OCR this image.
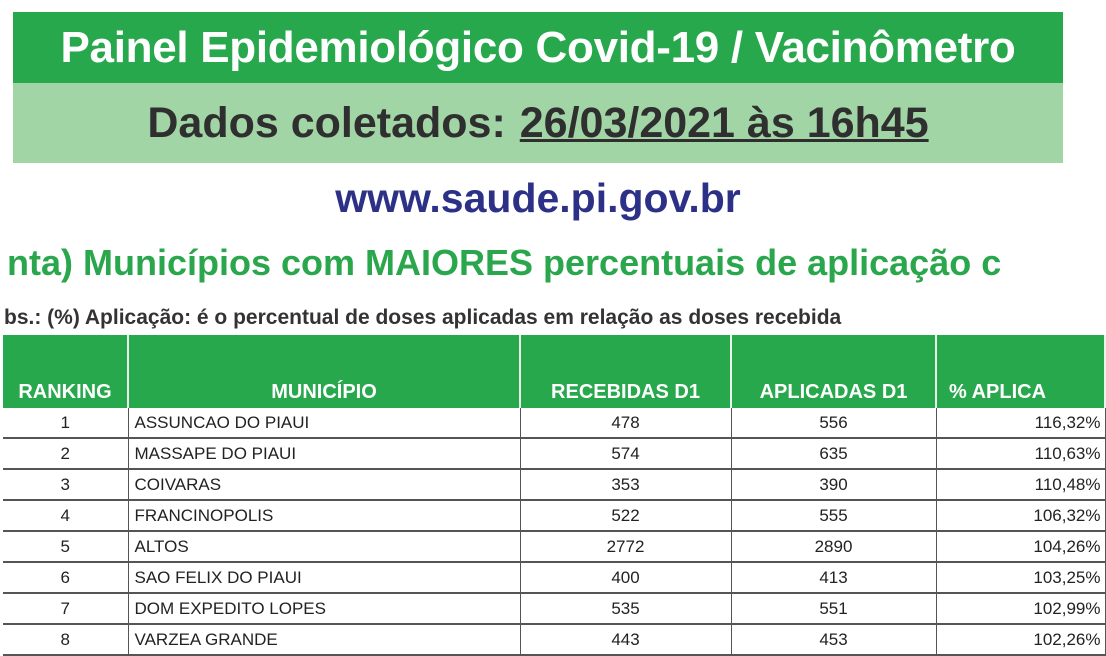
Painel Epidemiológico Covid-19 / Vacinômetro
Dados coletados: 26/03/2021 às 16h45
www.saude.pi.gov.br
nta) Municípios com MAIORES percentuais de aplicação c
bs.: (%) Aplicação: é o percentual de doses aplicadas em relação as doses recebida
RANKING	MUNICÍPIO	RECEBIDAS D1	APLICADAS D1	% APLICA
1	ASSUNCAO DO PIAUI	478	556	116,32%
2	MASSAPE DO PIAUI	574	635	110,63%
3	COIVARAS	353	390	110,48%
4	FRANCINOPOLIS	522	555	106,32%
5	ALTOS	2772	2890	104,26%
6	SAO FELIX DO PIAUI	400	413	103,25%
7	DOM EXPEDITO LOPES	535	551	102,99%
8	VARZEA GRANDE	443	453	102,26%
